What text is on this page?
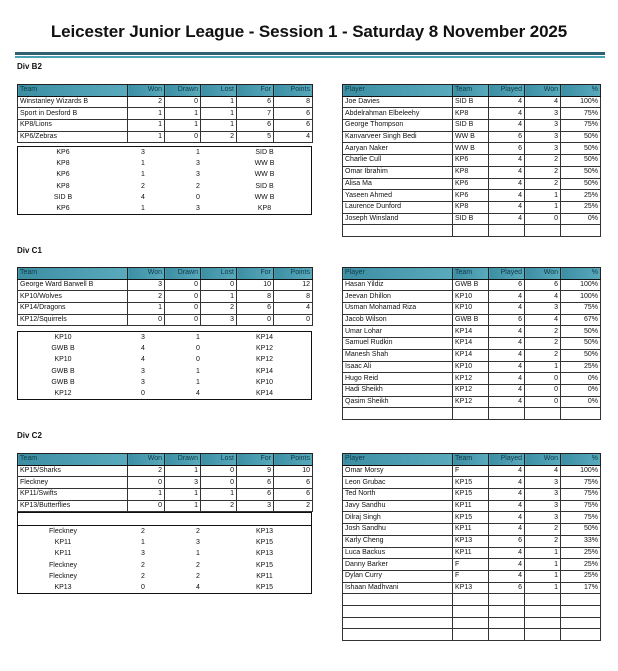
Leicester Junior League - Session 1 - Saturday 8 November 2025
Div B2
Team	Won	Drawn	Lost	For	Points
Winstanley Wizards B	2	0	1	6	8
Sport in Desford B	1	1	1	7	6
KP8/Lions	1	1	1	6	6
KP6/Zebras	1	0	2	5	4
KP6	3	1	SID B
KP8	1	3	WW B
KP6	1	3	WW B
KP8	2	2	SID B
SID B	4	0	WW B
KP6	1	3	KP8
Player	Team	Played	Won	%
Joe Davies	SID B	4	4	100%
Abdelrahman Elbeleehy	KP8	4	3	75%
George Thompson	SID B	4	3	75%
Kanvarveer Singh Bedi	WW B	6	3	50%
Aaryan Naker	WW B	6	3	50%
Charlie Cull	KP6	4	2	50%
Omar Ibrahim	KP8	4	2	50%
Alisa Ma	KP6	4	2	50%
Yaseen Ahmed	KP6	4	1	25%
Laurence Dunford	KP8	4	1	25%
Joseph Winsland	SID B	4	0	0%

Div C1
Team	Won	Drawn	Lost	For	Points
George Ward Barwell B	3	0	0	10	12
KP10/Wolves	2	0	1	8	8
KP14/Dragons	1	0	2	6	4
KP12/Squirrels	0	0	3	0	0
KP10	3	1	KP14
GWB B	4	0	KP12
KP10	4	0	KP12
GWB B	3	1	KP14
GWB B	3	1	KP10
KP12	0	4	KP14
Player	Team	Played	Won	%
Hasan Yildiz	GWB B	6	6	100%
Jeevan Dhillon	KP10	4	4	100%
Usman Mohamad Riza	KP10	4	3	75%
Jacob Wilson	GWB B	6	4	67%
Umar Lohar	KP14	4	2	50%
Samuel Rudkin	KP14	4	2	50%
Manesh Shah	KP14	4	2	50%
Isaac Ali	KP10	4	1	25%
Hugo Reid	KP12	4	0	0%
Hadi Sheikh	KP12	4	0	0%
Qasim Sheikh	KP12	4	0	0%

Div C2
Team	Won	Drawn	Lost	For	Points
KP15/Sharks	2	1	0	9	10
Fleckney	0	3	0	6	6
KP11/Swifts	1	1	1	6	6
KP13/Butterflies	0	1	2	3	2

Fleckney	2	2	KP13
KP11	1	3	KP15
KP11	3	1	KP13
Fleckney	2	2	KP15
Fleckney	2	2	KP11
KP13	0	4	KP15
Player	Team	Played	Won	%
Omar Morsy	F	4	4	100%
Leon Grubac	KP15	4	3	75%
Ted North	KP15	4	3	75%
Javy Sandhu	KP11	4	3	75%
Dilraj Singh	KP15	4	3	75%
Josh Sandhu	KP11	4	2	50%
Karly Cheng	KP13	6	2	33%
Luca Backus	KP11	4	1	25%
Danny Barker	F	4	1	25%
Dylan Curry	F	4	1	25%
Ishaan Madhvani	KP13	6	1	17%
